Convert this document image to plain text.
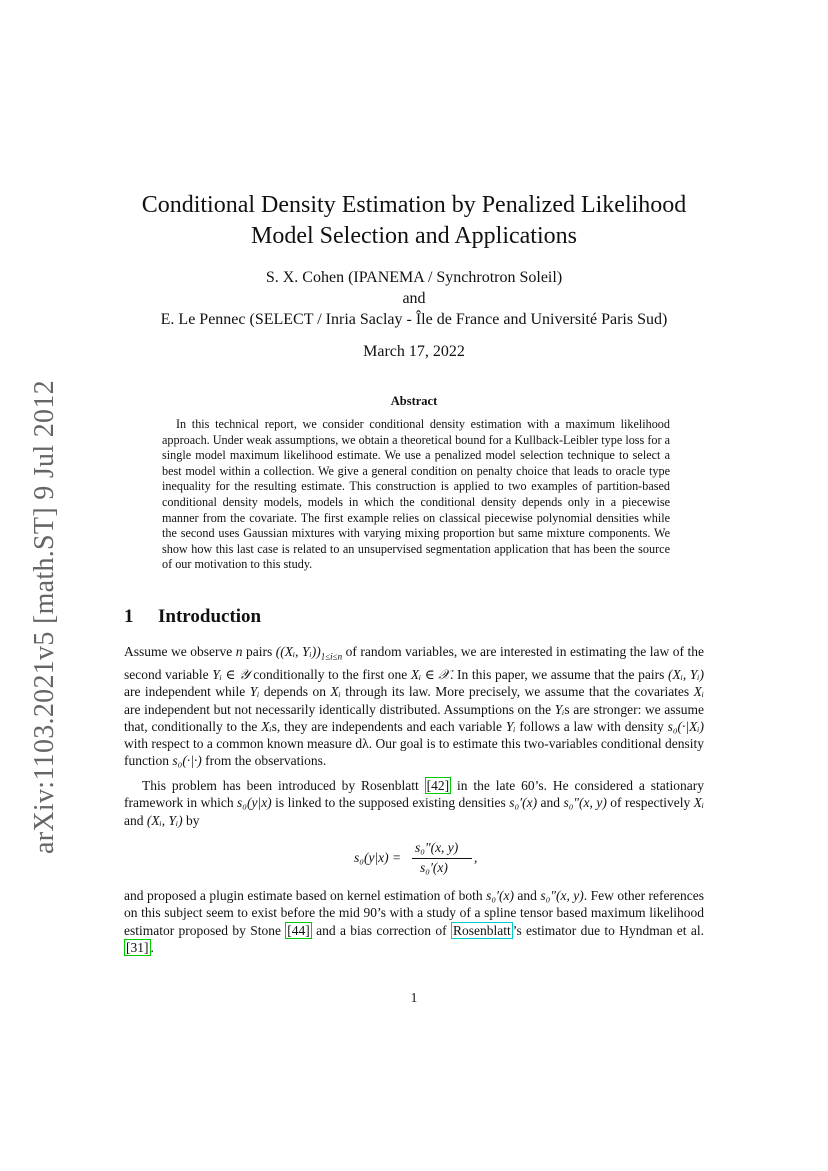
arXiv:1103.2021v5 [math.ST] 9 Jul 2012
Conditional Density Estimation by Penalized Likelihood
Model Selection and Applications
S. X. Cohen (IPANEMA / Synchrotron Soleil)
and
E. Le Pennec (SELECT / Inria Saclay - Île de France and Université Paris Sud)
March 17, 2022
Abstract
In this technical report, we consider conditional density estimation with a maximum likelihood approach. Under weak assumptions, we obtain a theoretical bound for a Kullback-Leibler type loss for a single model maximum likelihood estimate. We use a penalized model selection technique to select a best model within a collection. We give a general condition on penalty choice that leads to oracle type inequality for the resulting estimate. This construction is applied to two examples of partition-based conditional density models, models in which the conditional density depends only in a piecewise manner from the covariate. The first example relies on classical piecewise polynomial densities while the second uses Gaussian mixtures with varying mixing proportion but same mixture components. We show how this last case is related to an unsupervised segmentation application that has been the source of our motivation to this study.
1 Introduction
Assume we observe n pairs ((Xᵢ, $Yᵢ))_{1\le i\le n}$ of random variables, we are interested in estimating the law of the second variable Yᵢ ∈ 𝒴 conditionally to the first one Xᵢ ∈ 𝒳. In this paper, we assume that the pairs (Xᵢ, Yᵢ) are independent while Yᵢ depends on Xᵢ through its law. More precisely, we assume that the covariates Xᵢ are independent but not necessarily identically distributed. Assumptions on the Yᵢs are stronger: we assume that, conditionally to the Xᵢs, they are independents and each variable Yᵢ follows a law with density s₀(·|Xᵢ) with respect to a common known measure dλ. Our goal is to estimate this two-variables conditional density function s₀(·|·) from the observations.
This problem has been introduced by Rosenblatt [42] in the late 60’s. He considered a stationary framework in which s₀(y|x) is linked to the supposed existing densities s₀′(x) and s₀″(x, y) of respectively Xᵢ and (Xᵢ, Yᵢ) by
s₀(y|x) =
s₀″(x, y)
s₀′(x)
,
and proposed a plugin estimate based on kernel estimation of both s₀′(x) and s₀″(x, y). Few other references on this subject seem to exist before the mid 90’s with a study of a spline tensor based maximum likelihood estimator proposed by Stone [44] and a bias correction of Rosenblatt ’s estimator due to Hyndman et al. [31] .
1
